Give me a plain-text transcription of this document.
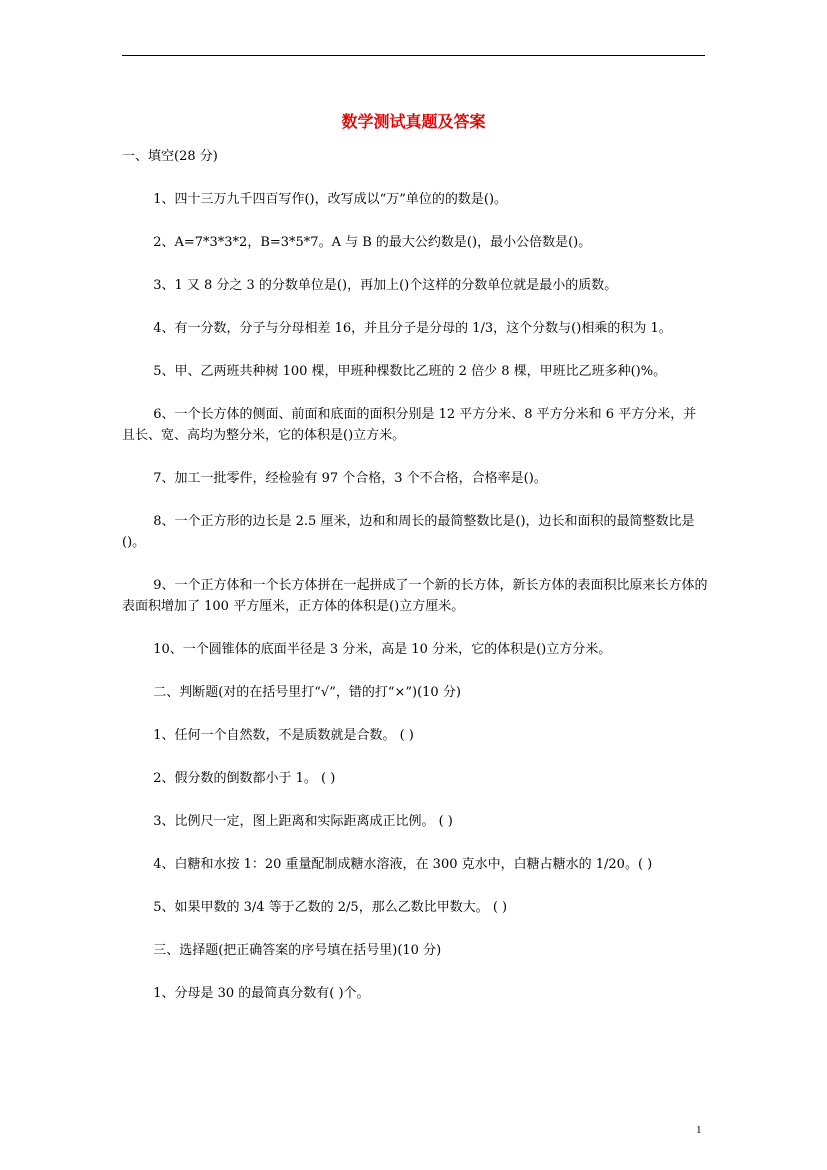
数学测试真题及答案

一、填空(28 分)

1、四十三万九千四百写作()，改写成以“万”单位的的数是()。

2、A=7*3*3*2，B=3*5*7。A 与 B 的最大公约数是()，最小公倍数是()。

3、1 又 8 分之 3 的分数单位是()，再加上()个这样的分数单位就是最小的质数。

4、有一分数，分子与分母相差 16，并且分子是分母的 1/3，这个分数与()相乘的积为 1。

5、甲、乙两班共种树 100 棵，甲班种棵数比乙班的 2 倍少 8 棵，甲班比乙班多种()%。

6、一个长方体的侧面、前面和底面的面积分别是 12 平方分米、8 平方分米和 6 平方分米，并且长、宽、高均为整分米，它的体积是()立方米。

7、加工一批零件，经检验有 97 个合格，3 个不合格，合格率是()。

8、一个正方形的边长是 2.5 厘米，边和和周长的最简整数比是()，边长和面积的最简整数比是()。

9、一个正方体和一个长方体拼在一起拼成了一个新的长方体，新长方体的表面积比原来长方体的表面积增加了 100 平方厘米，正方体的体积是()立方厘米。

10、一个圆锥体的底面半径是 3 分米，高是 10 分米，它的体积是()立方分米。

二、判断题(对的在括号里打“√”，错的打“×”)(10 分)

1、任何一个自然数，不是质数就是合数。 ( )

2、假分数的倒数都小于 1。 ( )

3、比例尺一定，图上距离和实际距离成正比例。 ( )

4、白糖和水按 1：20 重量配制成糖水溶液，在 300 克水中，白糖占糖水的 1/20。( )

5、如果甲数的 3/4 等于乙数的 2/5，那么乙数比甲数大。 ( )

三、选择题(把正确答案的序号填在括号里)(10 分)

1、分母是 30 的最简真分数有( )个。

1
